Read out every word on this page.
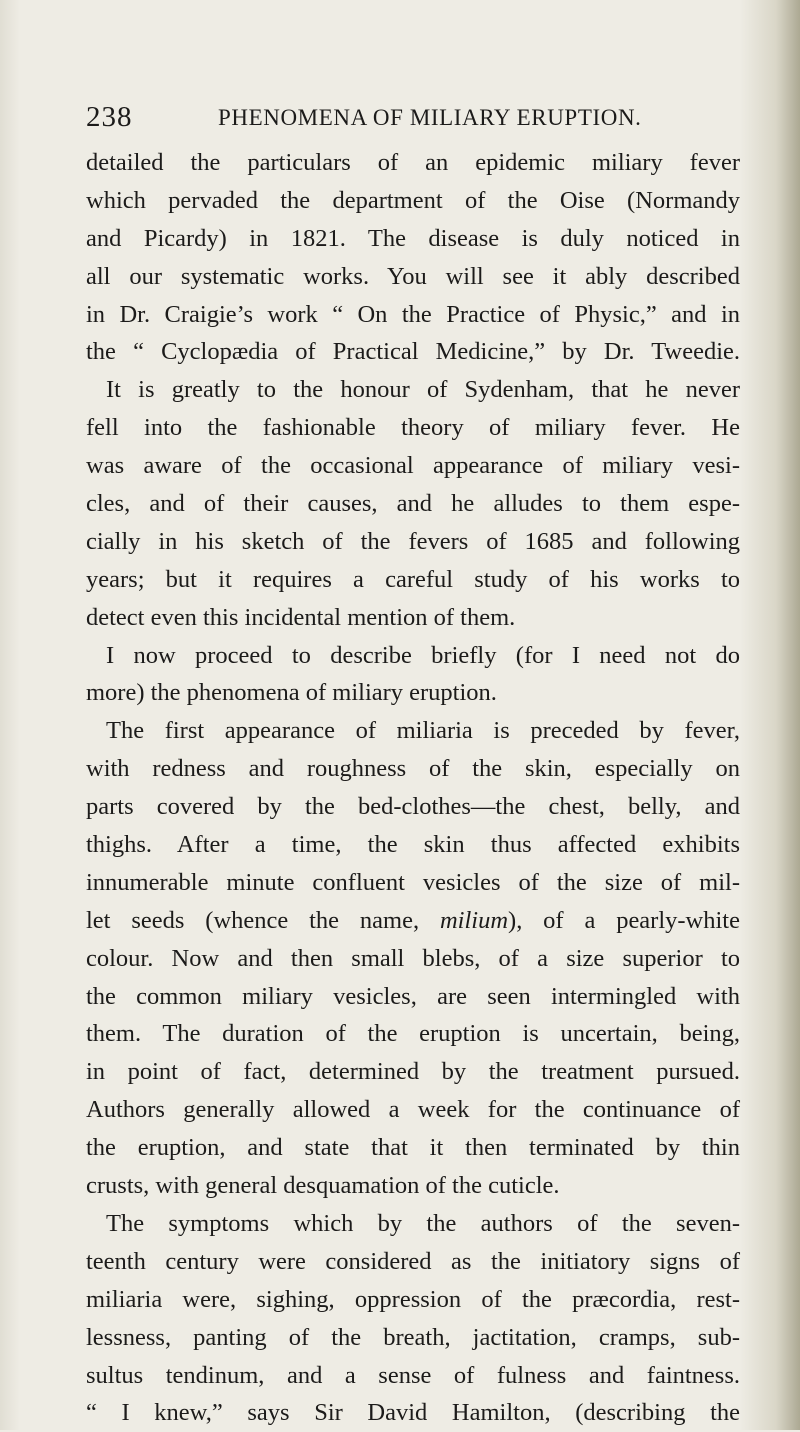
238	PHENOMENA OF MILIARY ERUPTION.
detailed the particulars of an epidemic miliary fever
which pervaded the department of the Oise (Normandy
and Picardy) in 1821. The disease is duly noticed in
all our systematic works. You will see it ably described
in Dr. Craigie’s work “ On the Practice of Physic,” and in
the “ Cyclopædia of Practical Medicine,” by Dr. Tweedie.
It is greatly to the honour of Sydenham, that he never
fell into the fashionable theory of miliary fever. He
was aware of the occasional appearance of miliary vesi-
cles, and of their causes, and he alludes to them espe-
cially in his sketch of the fevers of 1685 and following
years; but it requires a careful study of his works to
detect even this incidental mention of them.
I now proceed to describe briefly (for I need not do
more) the phenomena of miliary eruption.
The first appearance of miliaria is preceded by fever,
with redness and roughness of the skin, especially on
parts covered by the bed-clothes—the chest, belly, and
thighs. After a time, the skin thus affected exhibits
innumerable minute confluent vesicles of the size of mil-
let seeds (whence the name, milium), of a pearly-white
colour. Now and then small blebs, of a size superior to
the common miliary vesicles, are seen intermingled with
them. The duration of the eruption is uncertain, being,
in point of fact, determined by the treatment pursued.
Authors generally allowed a week for the continuance of
the eruption, and state that it then terminated by thin
crusts, with general desquamation of the cuticle.
The symptoms which by the authors of the seven-
teenth century were considered as the initiatory signs of
miliaria were, sighing, oppression of the præcordia, rest-
lessness, panting of the breath, jactitation, cramps, sub-
sultus tendinum, and a sense of fulness and faintness.
“ I knew,” says Sir David Hamilton, (describing the
